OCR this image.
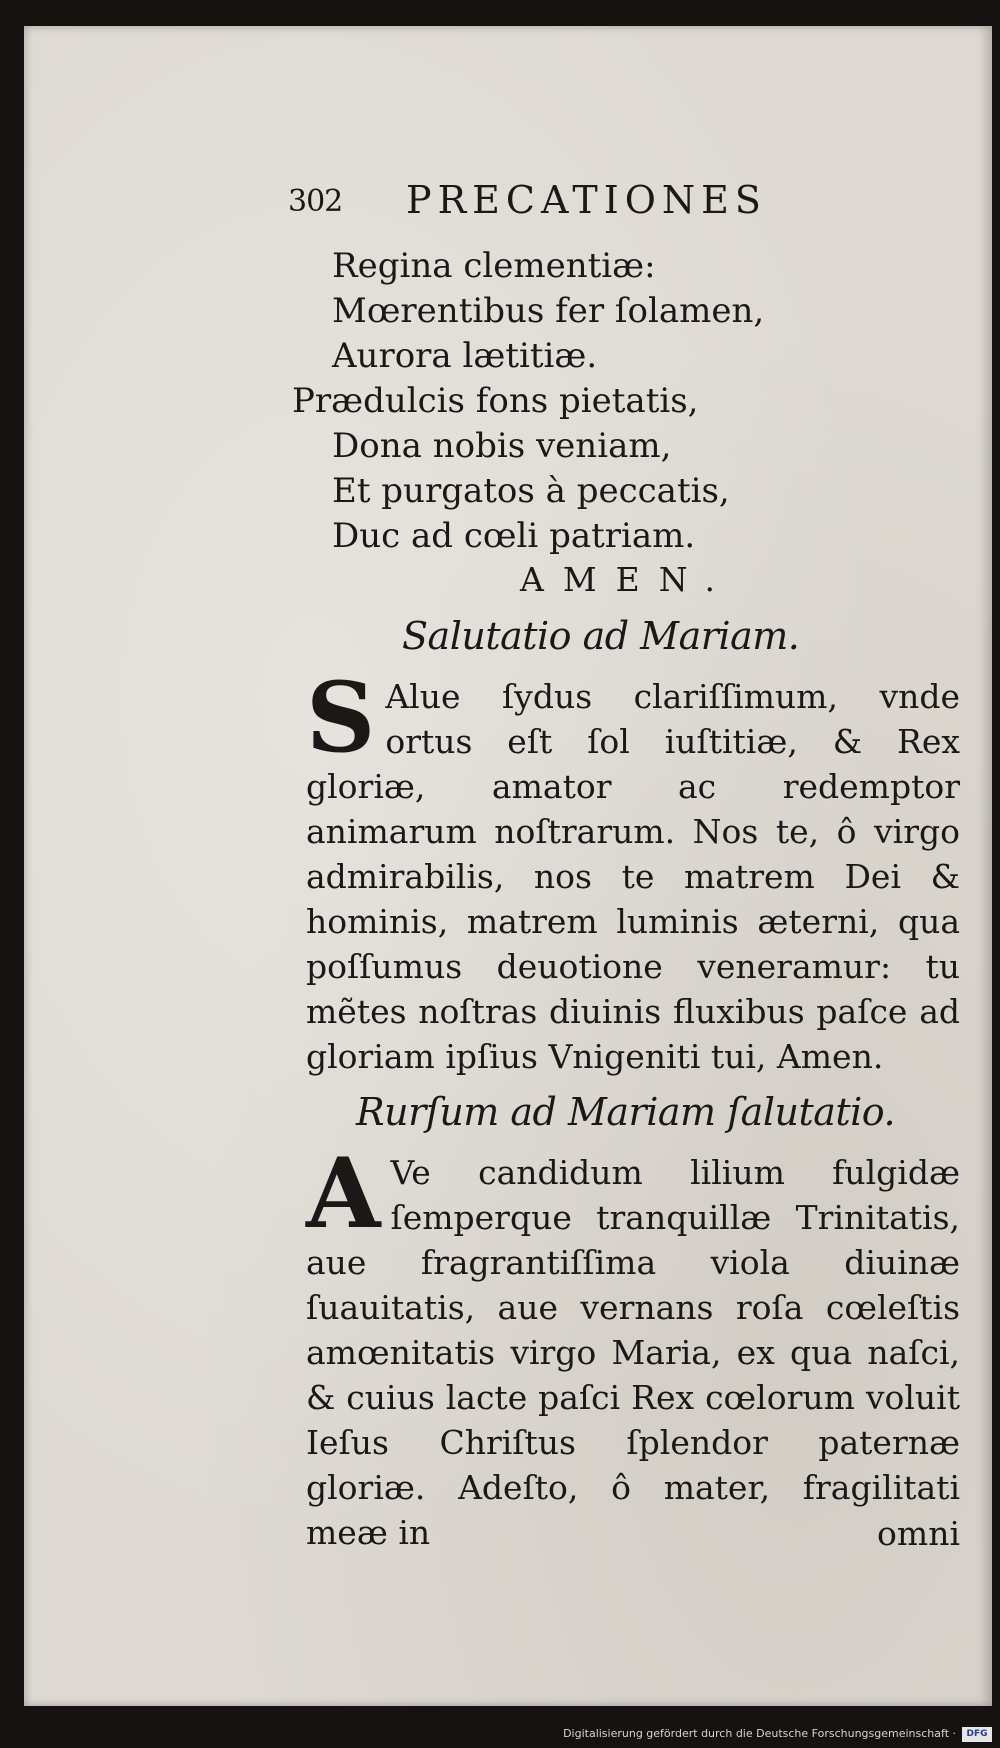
302 PRECATIONES
Regina clementiæ:
Mœrentibus fer ſolamen,
Aurora lætitiæ.
Prædulcis fons pietatis,
Dona nobis veniam,
Et purgatos à peccatis,
Duc ad cœli patriam.
AMEN.
Salutatio ad Mariam.
S Alue ſydus clariſſimum, vnde ortus eſt ſol iuſtitiæ, & Rex gloriæ, amator ac redemptor animarum noſtrarum. Nos te, ô virgo admirabilis, nos te matrem Dei & hominis, matrem luminis æterni, qua poſſumus deuotione veneramur: tu mẽtes noſtras diuinis fluxibus paſce ad gloriam ipſius Vnigeniti tui, Amen.
Rurſum ad Mariam ſalutatio.
A Ve candidum lilium fulgidæ ſemperque tranquillæ Trinitatis, aue fragrantiſſima viola diuinæ ſuauitatis, aue vernans roſa cœleſtis amœnitatis virgo Maria, ex qua naſci, & cuius lacte paſci Rex cœlorum voluit Ieſus Chriſtus ſplendor paternæ gloriæ. Adeſto, ô mater, fragilitati meæ in	omni
Digitalisierung gefördert durch die Deutsche Forschungsgemeinschaft ·	DFG
